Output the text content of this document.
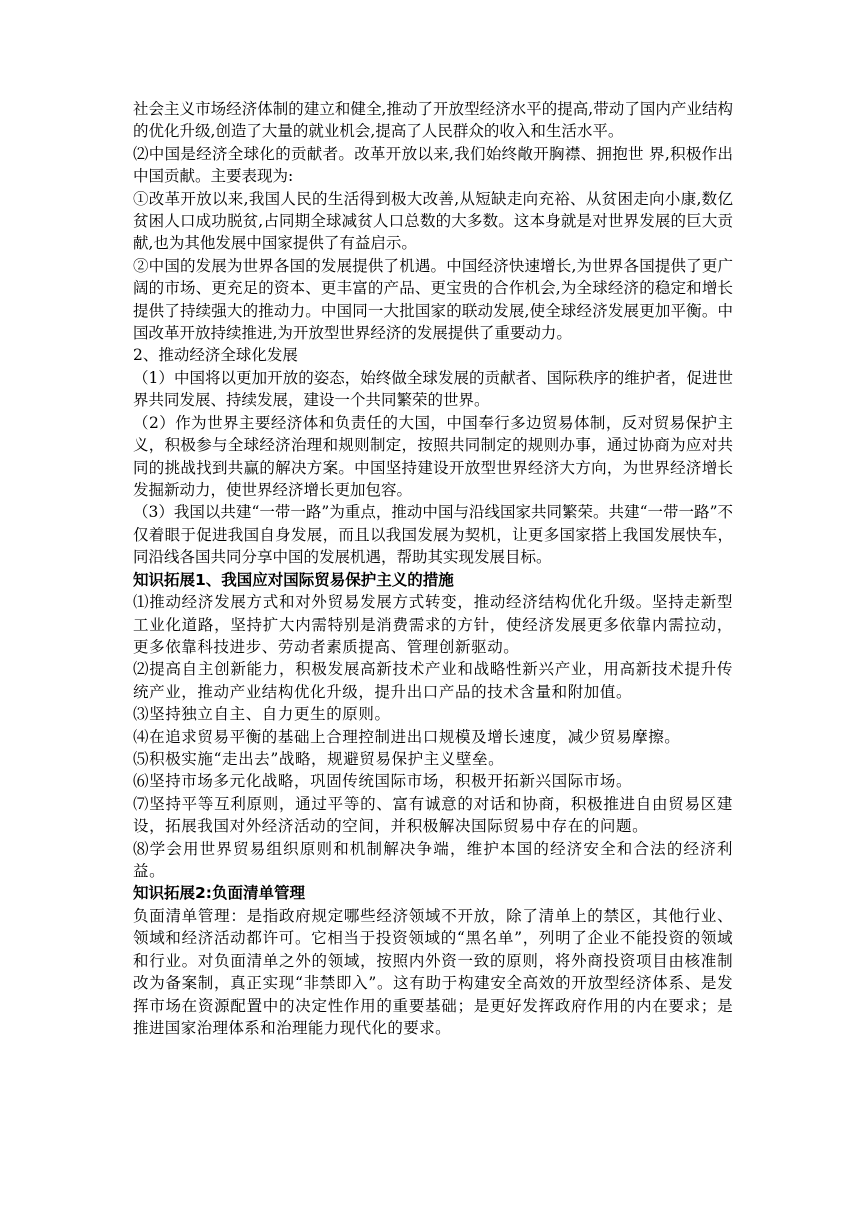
社会主义市场经济体制的建立和健全,推动了开放型经济水平的提高,带动了国内产业结构的优化升级,创造了大量的就业机会,提高了人民群众的收入和生活水平。

⑵中国是经济全球化的贡献者。改革开放以来,我们始终敞开胸襟、拥抱世 界,积极作出中国贡献。主要表现为:

①改革开放以来,我国人民的生活得到极大改善,从短缺走向充裕、从贫困走向小康,数亿贫困人口成功脱贫,占同期全球减贫人口总数的大多数。这本身就是对世界发展的巨大贡献,也为其他发展中国家提供了有益启示。

②中国的发展为世界各国的发展提供了机遇。中国经济快速增长,为世界各国提供了更广阔的市场、更充足的资本、更丰富的产品、更宝贵的合作机会,为全球经济的稳定和增长提供了持续强大的推动力。中国同一大批国家的联动发展,使全球经济发展更加平衡。中国改革开放持续推进,为开放型世界经济的发展提供了重要动力。

2、推动经济全球化发展

（1）中国将以更加开放的姿态，始终做全球发展的贡献者、国际秩序的维护者，促进世界共同发展、持续发展，建设一个共同繁荣的世界。

（2）作为世界主要经济体和负责任的大国，中国奉行多边贸易体制，反对贸易保护主义，积极参与全球经济治理和规则制定，按照共同制定的规则办事，通过协商为应对共同的挑战找到共赢的解决方案。中国坚持建设开放型世界经济大方向，为世界经济增长发掘新动力，使世界经济增长更加包容。

（3）我国以共建“一带一路”为重点，推动中国与沿线国家共同繁荣。共建“一带一路”不仅着眼于促进我国自身发展，而且以我国发展为契机，让更多国家搭上我国发展快车，同沿线各国共同分享中国的发展机遇，帮助其实现发展目标。

知识拓展1、我国应对国际贸易保护主义的措施

⑴推动经济发展方式和对外贸易发展方式转变，推动经济结构优化升级。坚持走新型工业化道路，坚持扩大内需特别是消费需求的方针，使经济发展更多依靠内需拉动，更多依靠科技进步、劳动者素质提高、管理创新驱动。

⑵提高自主创新能力，积极发展高新技术产业和战略性新兴产业，用高新技术提升传统产业，推动产业结构优化升级，提升出口产品的技术含量和附加值。

⑶坚持独立自主、自力更生的原则。

⑷在追求贸易平衡的基础上合理控制进出口规模及增长速度，减少贸易摩擦。

⑸积极实施“走出去”战略，规避贸易保护主义壁垒。

⑹坚持市场多元化战略，巩固传统国际市场，积极开拓新兴国际市场。

⑺坚持平等互利原则，通过平等的、富有诚意的对话和协商，积极推进自由贸易区建设，拓展我国对外经济活动的空间，并积极解决国际贸易中存在的问题。

⑻学会用世界贸易组织原则和机制解决争端，维护本国的经济安全和合法的经济利益。

知识拓展2:负面清单管理

负面清单管理：是指政府规定哪些经济领域不开放，除了清单上的禁区，其他行业、领域和经济活动都许可。它相当于投资领域的“黑名单”，列明了企业不能投资的领域和行业。对负面清单之外的领域，按照内外资一致的原则，将外商投资项目由核准制改为备案制，真正实现“非禁即入”。这有助于构建安全高效的开放型经济体系、是发挥市场在资源配置中的决定性作用的重要基础；是更好发挥政府作用的内在要求；是推进国家治理体系和治理能力现代化的要求。
